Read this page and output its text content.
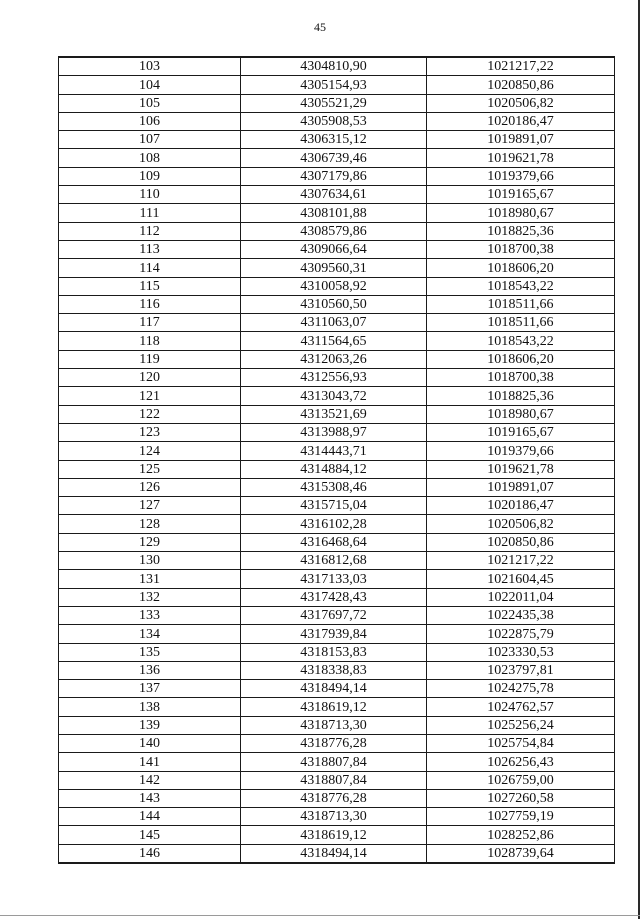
45
103	4304810,90	1021217,22
104	4305154,93	1020850,86
105	4305521,29	1020506,82
106	4305908,53	1020186,47
107	4306315,12	1019891,07
108	4306739,46	1019621,78
109	4307179,86	1019379,66
110	4307634,61	1019165,67
111	4308101,88	1018980,67
112	4308579,86	1018825,36
113	4309066,64	1018700,38
114	4309560,31	1018606,20
115	4310058,92	1018543,22
116	4310560,50	1018511,66
117	4311063,07	1018511,66
118	4311564,65	1018543,22
119	4312063,26	1018606,20
120	4312556,93	1018700,38
121	4313043,72	1018825,36
122	4313521,69	1018980,67
123	4313988,97	1019165,67
124	4314443,71	1019379,66
125	4314884,12	1019621,78
126	4315308,46	1019891,07
127	4315715,04	1020186,47
128	4316102,28	1020506,82
129	4316468,64	1020850,86
130	4316812,68	1021217,22
131	4317133,03	1021604,45
132	4317428,43	1022011,04
133	4317697,72	1022435,38
134	4317939,84	1022875,79
135	4318153,83	1023330,53
136	4318338,83	1023797,81
137	4318494,14	1024275,78
138	4318619,12	1024762,57
139	4318713,30	1025256,24
140	4318776,28	1025754,84
141	4318807,84	1026256,43
142	4318807,84	1026759,00
143	4318776,28	1027260,58
144	4318713,30	1027759,19
145	4318619,12	1028252,86
146	4318494,14	1028739,64
